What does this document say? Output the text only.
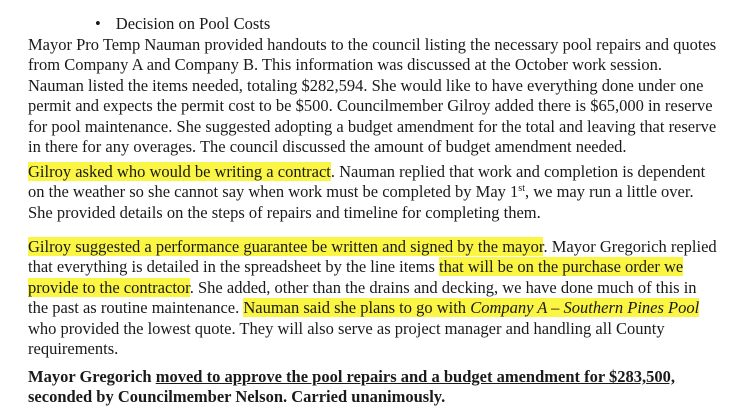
• Decision on Pool Costs
Mayor Pro Temp Nauman provided handouts to the council listing the necessary pool repairs and quotes
from Company A and Company B. This information was discussed at the October work session.
Nauman listed the items needed, totaling $282,594. She would like to have everything done under one
permit and expects the permit cost to be $500. Councilmember Gilroy added there is $65,000 in reserve
for pool maintenance. She suggested adopting a budget amendment for the total and leaving that reserve
in there for any overages. The council discussed the amount of budget amendment needed.
Gilroy asked who would be writing a contract. Nauman replied that work and completion is dependent
on the weather so she cannot say when work must be completed by May 1st, we may run a little over.
She provided details on the steps of repairs and timeline for completing them.
Gilroy suggested a performance guarantee be written and signed by the mayor. Mayor Gregorich replied
that everything is detailed in the spreadsheet by the line items that will be on the purchase order we
provide to the contractor. She added, other than the drains and decking, we have done much of this in
the past as routine maintenance. Nauman said she plans to go with Company A – Southern Pines Pool
who provided the lowest quote. They will also serve as project manager and handling all County
requirements.
Mayor Gregorich moved to approve the pool repairs and a budget amendment for $283,500,
seconded by Councilmember Nelson. Carried unanimously.
